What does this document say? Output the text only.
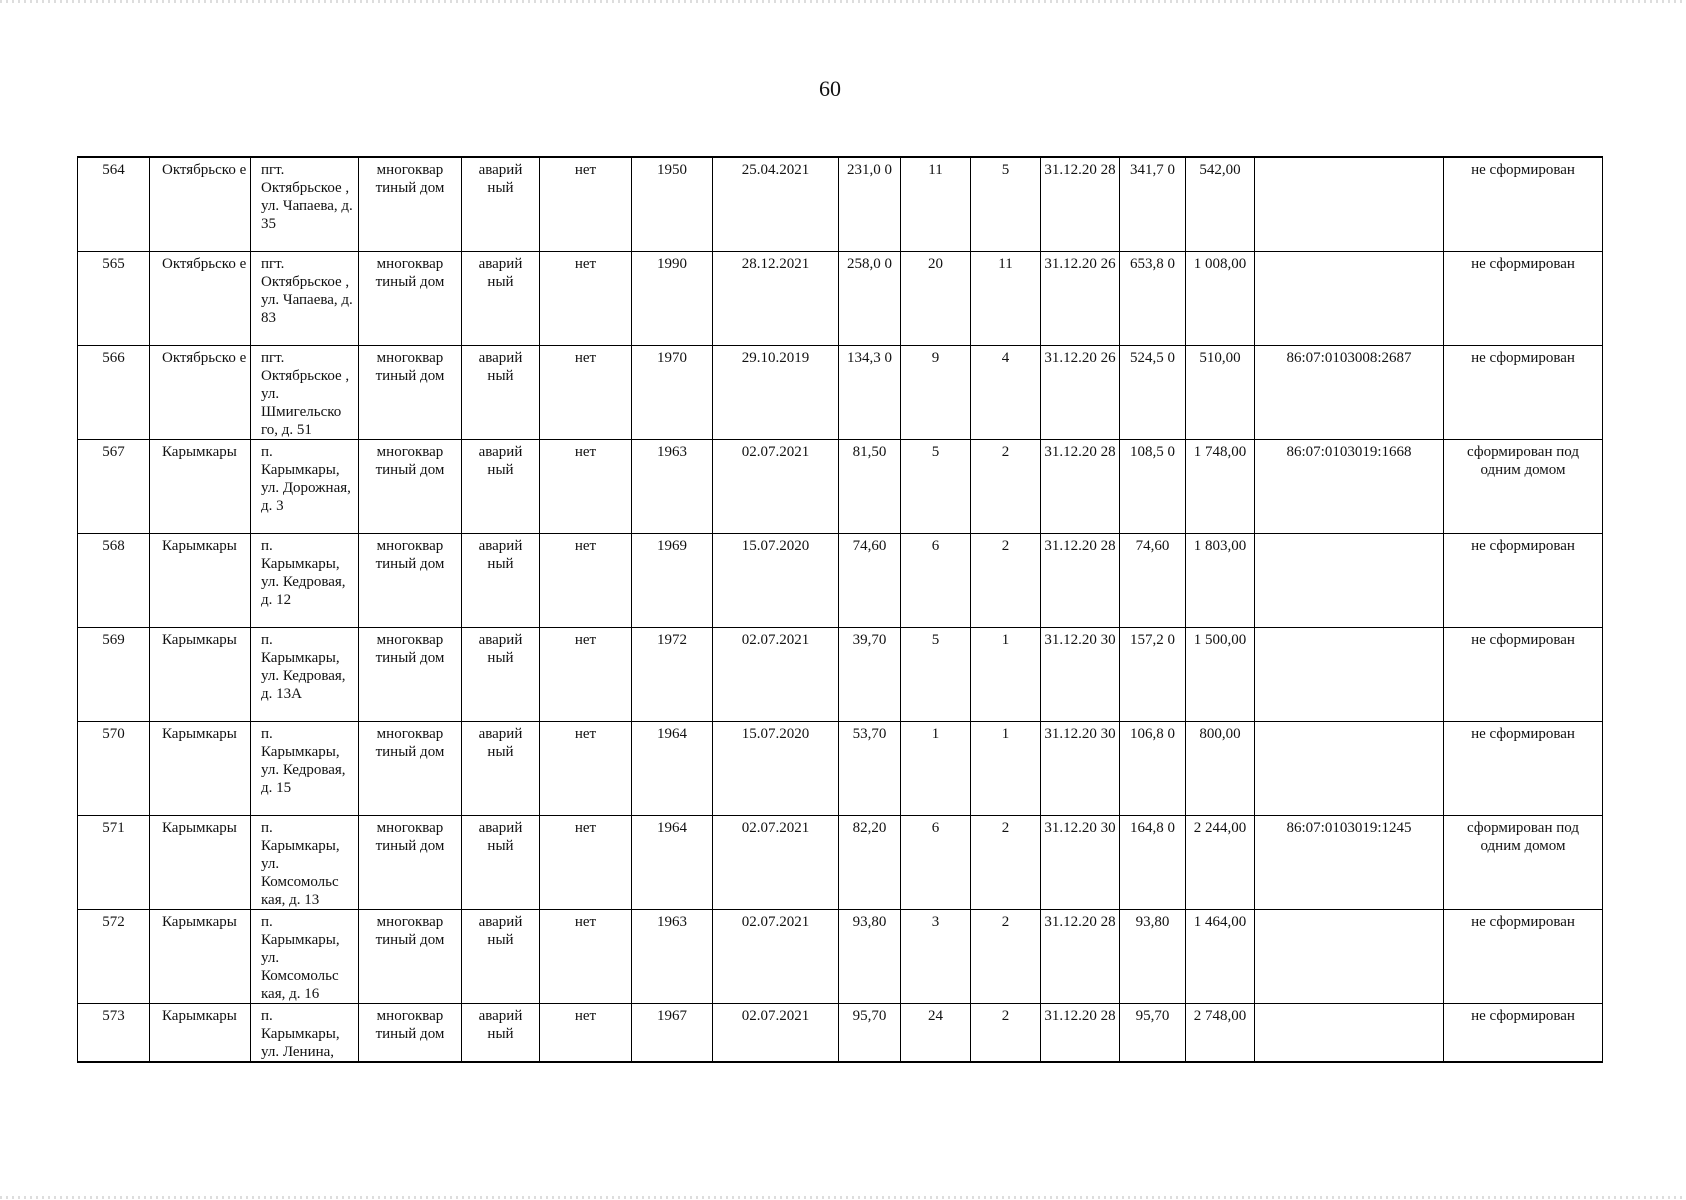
60
564	Октябрьско е	пгт. Октябрьское , ул. Чапаева, д. 35	многоквар тиный дом	аварий ный	нет	1950	25.04.2021	231,0 0	11	5	31.12.20 28	341,7 0	542,00		не сформирован
565	Октябрьско е	пгт. Октябрьское , ул. Чапаева, д. 83	многоквар тиный дом	аварий ный	нет	1990	28.12.2021	258,0 0	20	11	31.12.20 26	653,8 0	1 008,00		не сформирован
566	Октябрьско е	пгт. Октябрьское , ул. Шмигельско го, д. 51	многоквар тиный дом	аварий ный	нет	1970	29.10.2019	134,3 0	9	4	31.12.20 26	524,5 0	510,00	86:07:0103008:2687	не сформирован
567	Карымкары	п. Карымкары, ул. Дорожная, д. 3	многоквар тиный дом	аварий ный	нет	1963	02.07.2021	81,50	5	2	31.12.20 28	108,5 0	1 748,00	86:07:0103019:1668	сформирован под одним домом
568	Карымкары	п. Карымкары, ул. Кедровая, д. 12	многоквар тиный дом	аварий ный	нет	1969	15.07.2020	74,60	6	2	31.12.20 28	74,60	1 803,00		не сформирован
569	Карымкары	п. Карымкары, ул. Кедровая, д. 13А	многоквар тиный дом	аварий ный	нет	1972	02.07.2021	39,70	5	1	31.12.20 30	157,2 0	1 500,00		не сформирован
570	Карымкары	п. Карымкары, ул. Кедровая, д. 15	многоквар тиный дом	аварий ный	нет	1964	15.07.2020	53,70	1	1	31.12.20 30	106,8 0	800,00		не сформирован
571	Карымкары	п. Карымкары, ул. Комсомольс кая, д. 13	многоквар тиный дом	аварий ный	нет	1964	02.07.2021	82,20	6	2	31.12.20 30	164,8 0	2 244,00	86:07:0103019:1245	сформирован под одним домом
572	Карымкары	п. Карымкары, ул. Комсомольс кая, д. 16	многоквар тиный дом	аварий ный	нет	1963	02.07.2021	93,80	3	2	31.12.20 28	93,80	1 464,00		не сформирован
573	Карымкары	п. Карымкары, ул. Ленина,	многоквар тиный дом	аварий ный	нет	1967	02.07.2021	95,70	24	2	31.12.20 28	95,70	2 748,00		не сформирован
